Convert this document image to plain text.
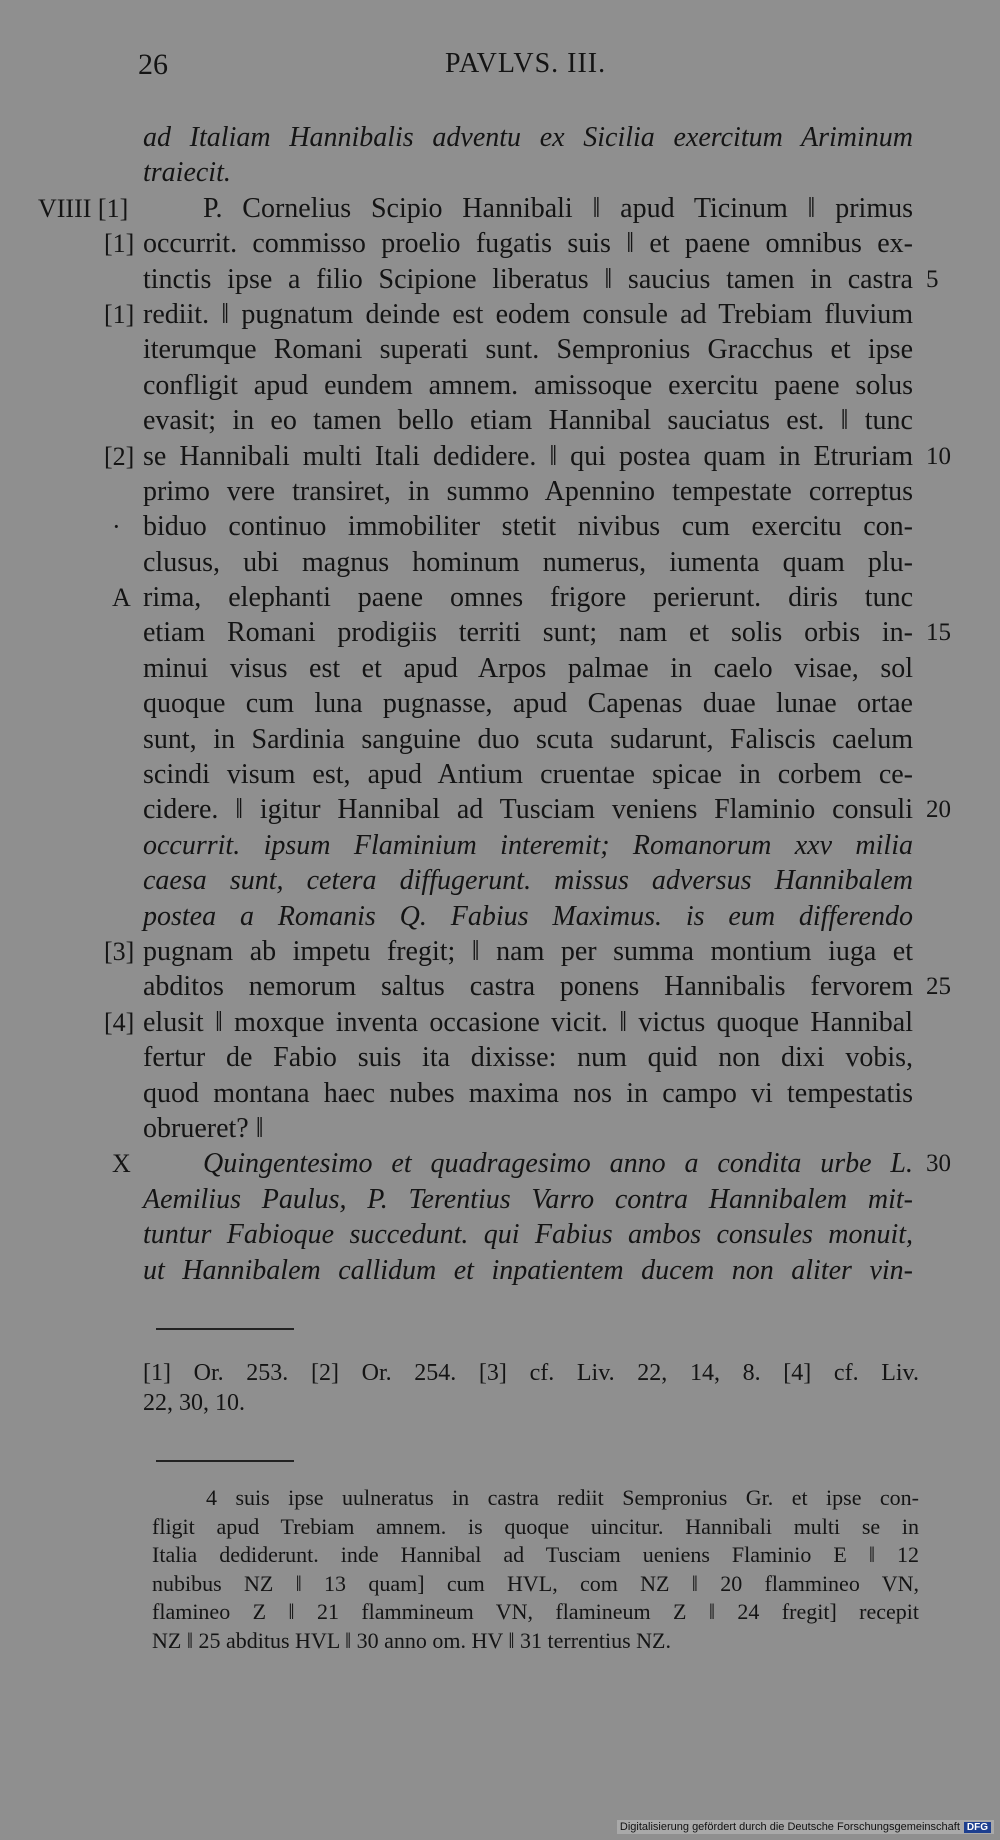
26	PAVLVS. III.
ad Italiam Hannibalis adventu ex Sicilia exercitum Ariminum
traiecit.
VIIII [1]	P. Cornelius Scipio Hannibali ‖ apud Ticinum ‖ primus
[1] occurrit. commisso proelio fugatis suis ‖ et paene omnibus ex-
tinctis ipse a filio Scipione liberatus ‖ saucius tamen in castra 5
[1] rediit. ‖ pugnatum deinde est eodem consule ad Trebiam fluvium
iterumque Romani superati sunt. Sempronius Gracchus et ipse
confligit apud eundem amnem. amissoque exercitu paene solus
evasit; in eo tamen bello etiam Hannibal sauciatus est. ‖ tunc
[2] se Hannibali multi Itali dedidere. ‖ qui postea quam in Etruriam 10
primo vere transiret, in summo Apennino tempestate correptus
· biduo continuo immobiliter stetit nivibus cum exercitu con-
clusus, ubi magnus hominum numerus, iumenta quam plu-
A rima, elephanti paene omnes frigore perierunt. diris tunc
etiam Romani prodigiis territi sunt; nam et solis orbis in- 15
minui visus est et apud Arpos palmae in caelo visae, sol
quoque cum luna pugnasse, apud Capenas duae lunae ortae
sunt, in Sardinia sanguine duo scuta sudarunt, Faliscis caelum
scindi visum est, apud Antium cruentae spicae in corbem ce-
cidere. ‖ igitur Hannibal ad Tusciam veniens Flaminio consuli 20
occurrit. ipsum Flaminium interemit; Romanorum xxv milia
caesa sunt, cetera diffugerunt. missus adversus Hannibalem
postea a Romanis Q. Fabius Maximus. is eum differendo
[3] pugnam ab impetu fregit; ‖ nam per summa montium iuga et
abditos nemorum saltus castra ponens Hannibalis fervorem 25
[4] elusit ‖ moxque inventa occasione vicit. ‖ victus quoque Hannibal
fertur de Fabio suis ita dixisse: num quid non dixi vobis,
quod montana haec nubes maxima nos in campo vi tempestatis
obrueret? ‖
X	Quingentesimo et quadragesimo anno a condita urbe L. 30
Aemilius Paulus, P. Terentius Varro contra Hannibalem mit-
tuntur Fabioque succedunt. qui Fabius ambos consules monuit,
ut Hannibalem callidum et inpatientem ducem non aliter vin-
[1] Or. 253. [2] Or. 254. [3] cf. Liv. 22, 14, 8. [4] cf. Liv.
22, 30, 10.
4 suis ipse uulneratus in castra rediit Sempronius Gr. et ipse con-
fligit apud Trebiam amnem. is quoque uincitur. Hannibali multi se in
Italia dediderunt. inde Hannibal ad Tusciam ueniens Flaminio E ‖ 12
nubibus NZ ‖ 13 quam] cum HVL, com NZ ‖ 20 flammineo VN,
flamineo Z ‖ 21 flammineum VN, flamineum Z ‖ 24 fregit] recepit
NZ ‖ 25 abditus HVL ‖ 30 anno om. HV ‖ 31 terrentius NZ.
Digitalisierung gefördert durch die Deutsche Forschungsgemeinschaft DFG
